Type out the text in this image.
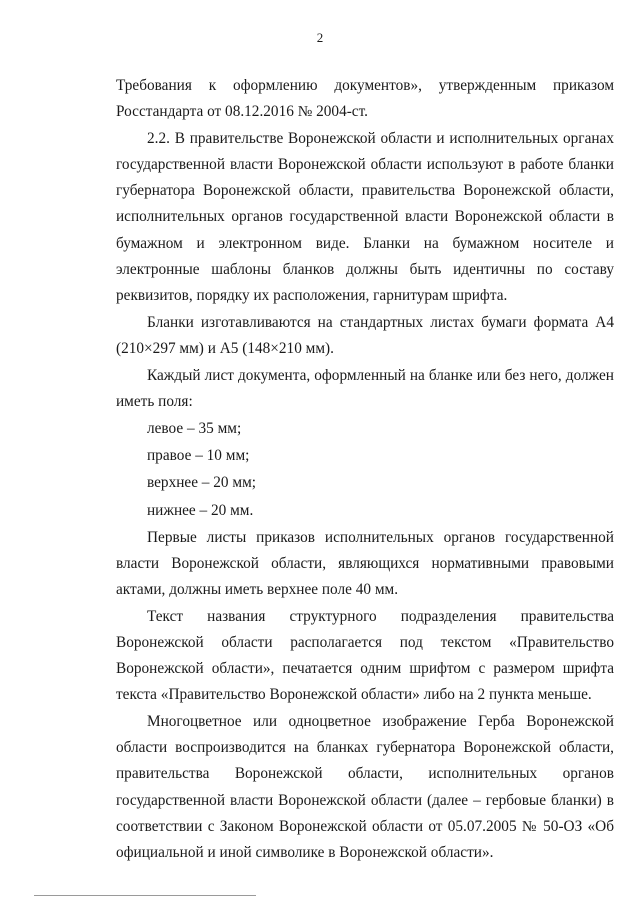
2

Требования к оформлению документов», утвержденным приказом Росстандарта от 08.12.2016 № 2004-ст.

2.2. В правительстве Воронежской области и исполнительных органах государственной власти Воронежской области используют в работе бланки губернатора Воронежской области, правительства Воронежской области, исполнительных органов государственной власти Воронежской области в бумажном и электронном виде. Бланки на бумажном носителе и электронные шаблоны бланков должны быть идентичны по составу реквизитов, порядку их расположения, гарнитурам шрифта.

Бланки изготавливаются на стандартных листах бумаги формата А4 (210×297 мм) и А5 (148×210 мм).

Каждый лист документа, оформленный на бланке или без него, должен иметь поля:

левое – 35 мм;

правое – 10 мм;

верхнее – 20 мм;

нижнее – 20 мм.

Первые листы приказов исполнительных органов государственной власти Воронежской области, являющихся нормативными правовыми актами, должны иметь верхнее поле 40 мм.

Текст названия структурного подразделения правительства Воронежской области располагается под текстом «Правительство Воронежской области», печатается одним шрифтом с размером шрифта текста «Правительство Воронежской области» либо на 2 пункта меньше.

Многоцветное или одноцветное изображение Герба Воронежской области воспроизводится на бланках губернатора Воронежской области, правительства Воронежской области, исполнительных органов государственной власти Воронежской области (далее – гербовые бланки) в соответствии с Законом Воронежской области от 05.07.2005 № 50-ОЗ «Об официальной и иной символике в Воронежской области».
